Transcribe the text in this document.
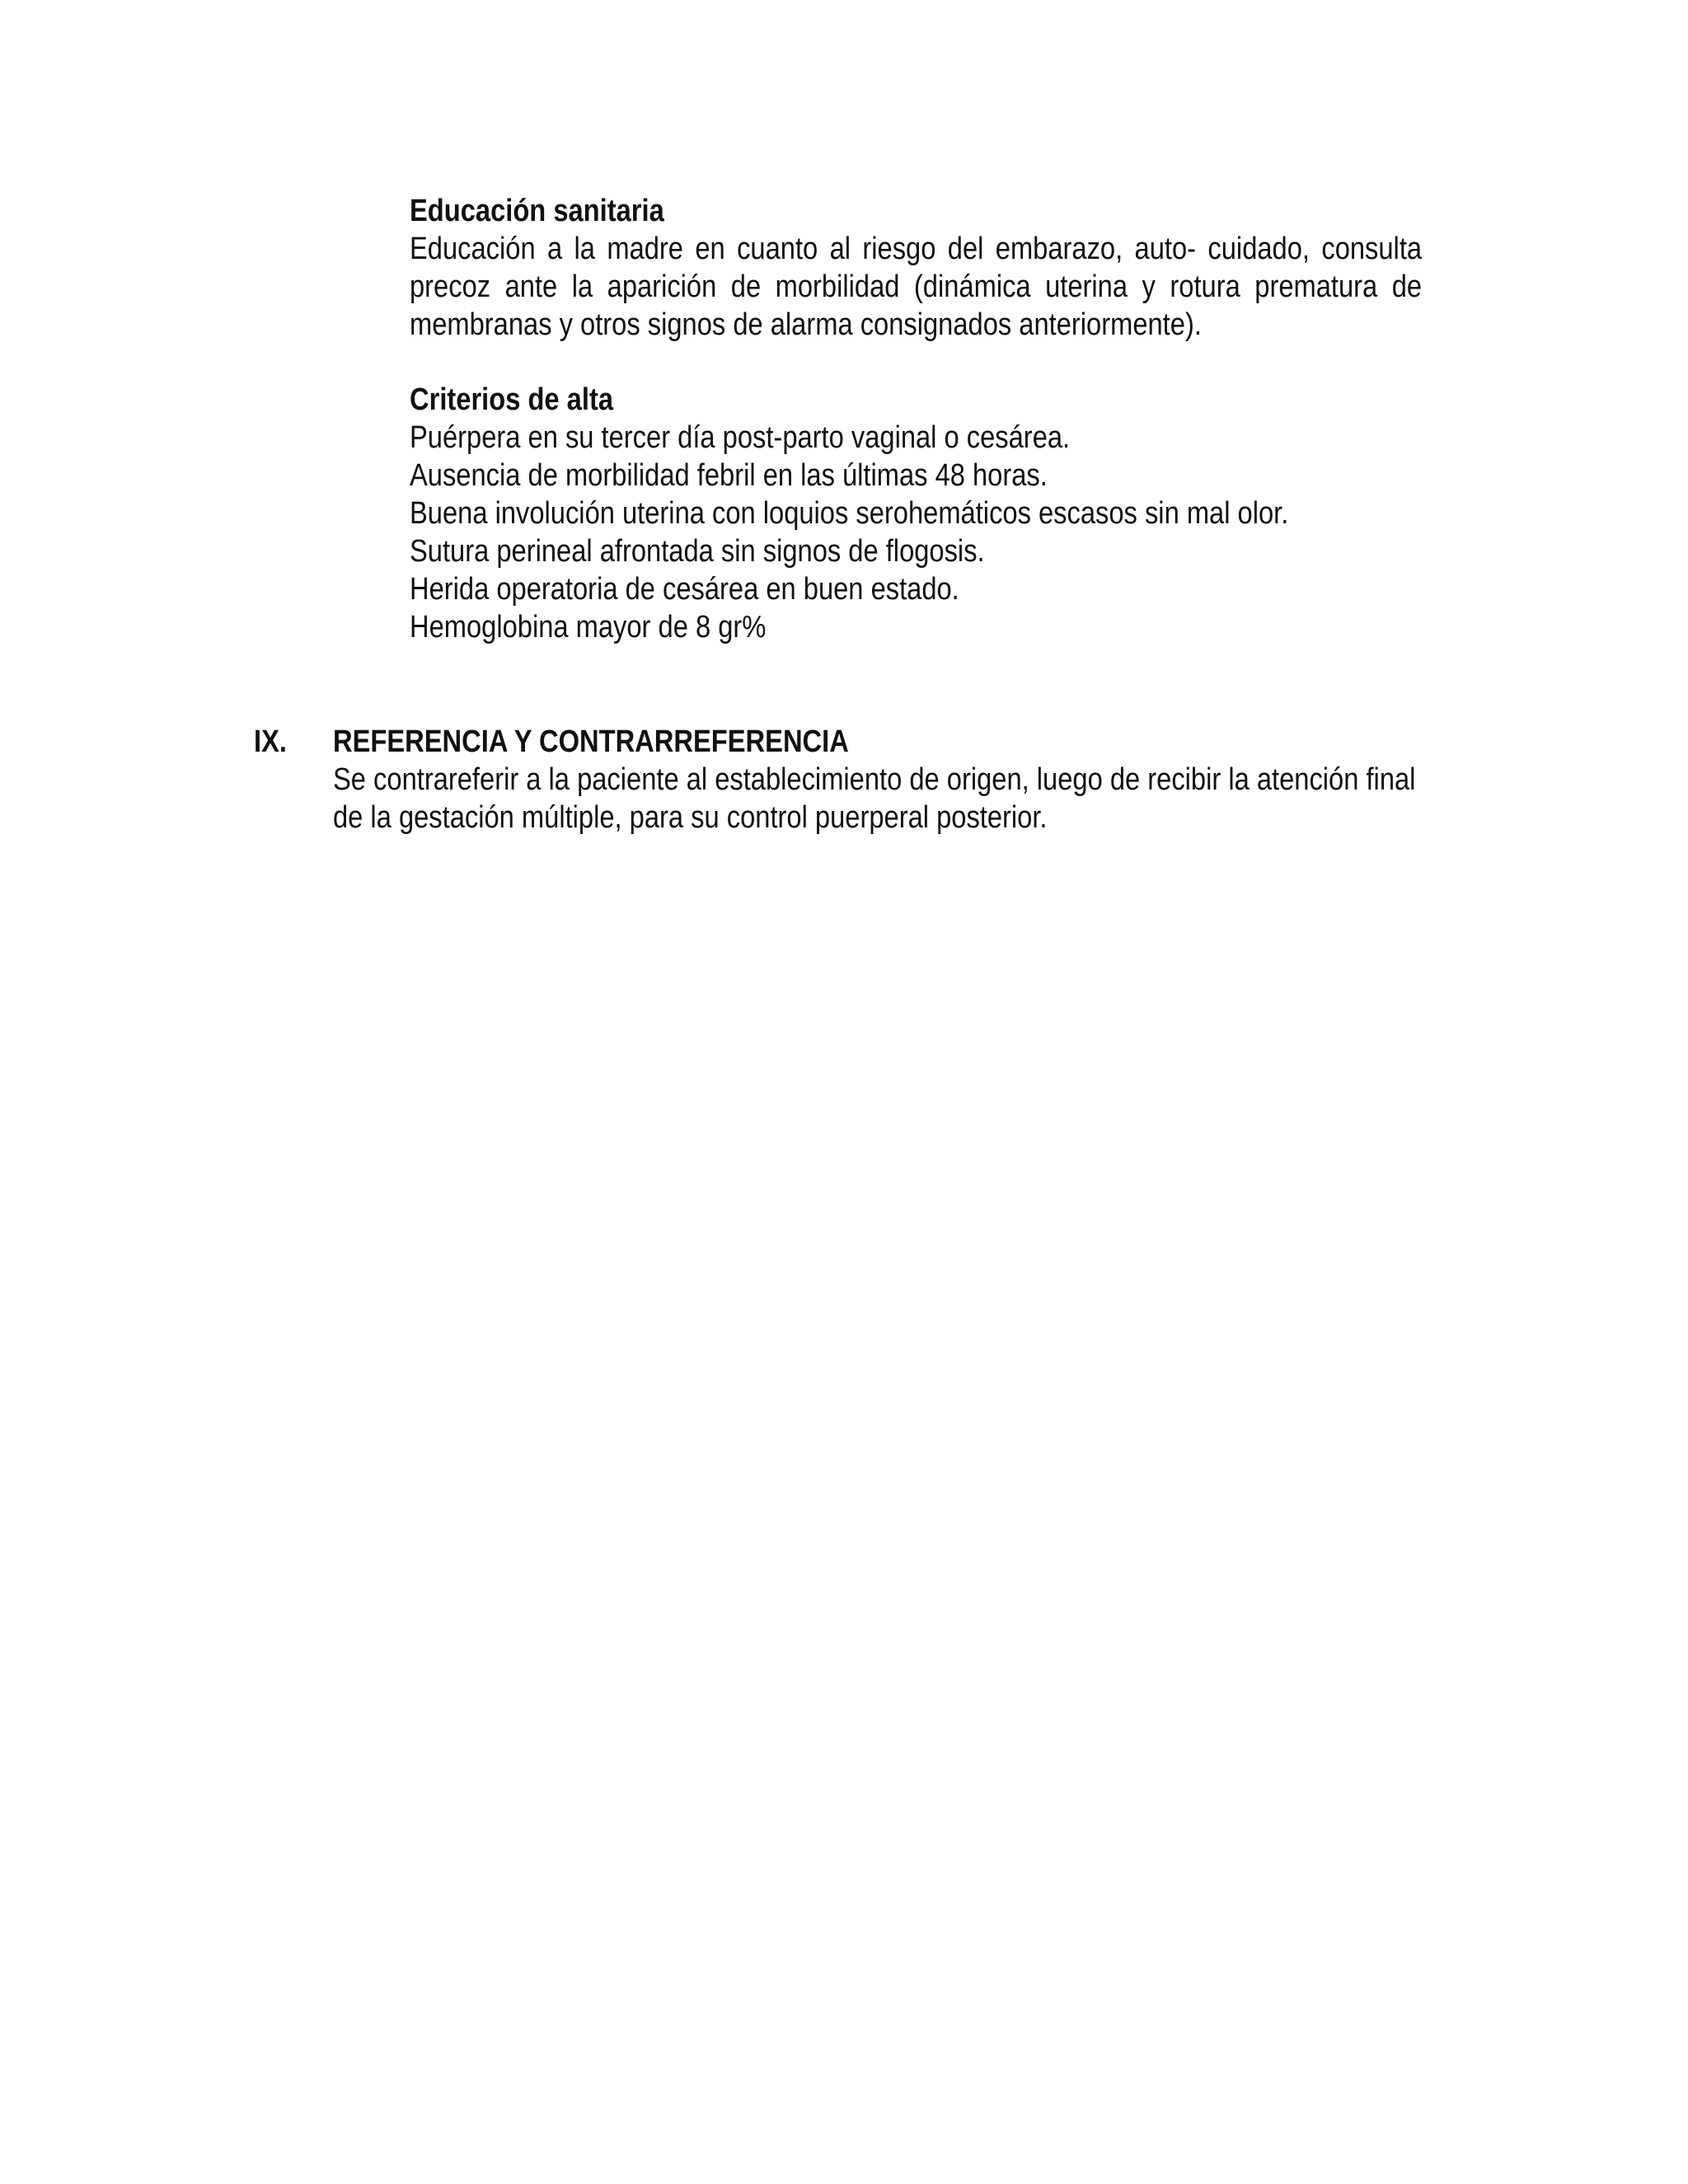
Educación sanitaria
Educación a la madre en cuanto al riesgo del embarazo, auto- cuidado, consulta
precoz ante la aparición de morbilidad (dinámica uterina y rotura prematura de
membranas y otros signos de alarma consignados anteriormente).
Criterios de alta
Puérpera en su tercer día post-parto vaginal o cesárea.
Ausencia de morbilidad febril en las últimas 48 horas.
Buena involución uterina con loquios serohemáticos escasos sin mal olor.
Sutura perineal afrontada sin signos de flogosis.
Herida operatoria de cesárea en buen estado.
Hemoglobina mayor de 8 gr%
IX. REFERENCIA Y CONTRARREFERENCIA
Se contrareferir a la paciente al establecimiento de origen, luego de recibir la atención final
de la gestación múltiple, para su control puerperal posterior.
